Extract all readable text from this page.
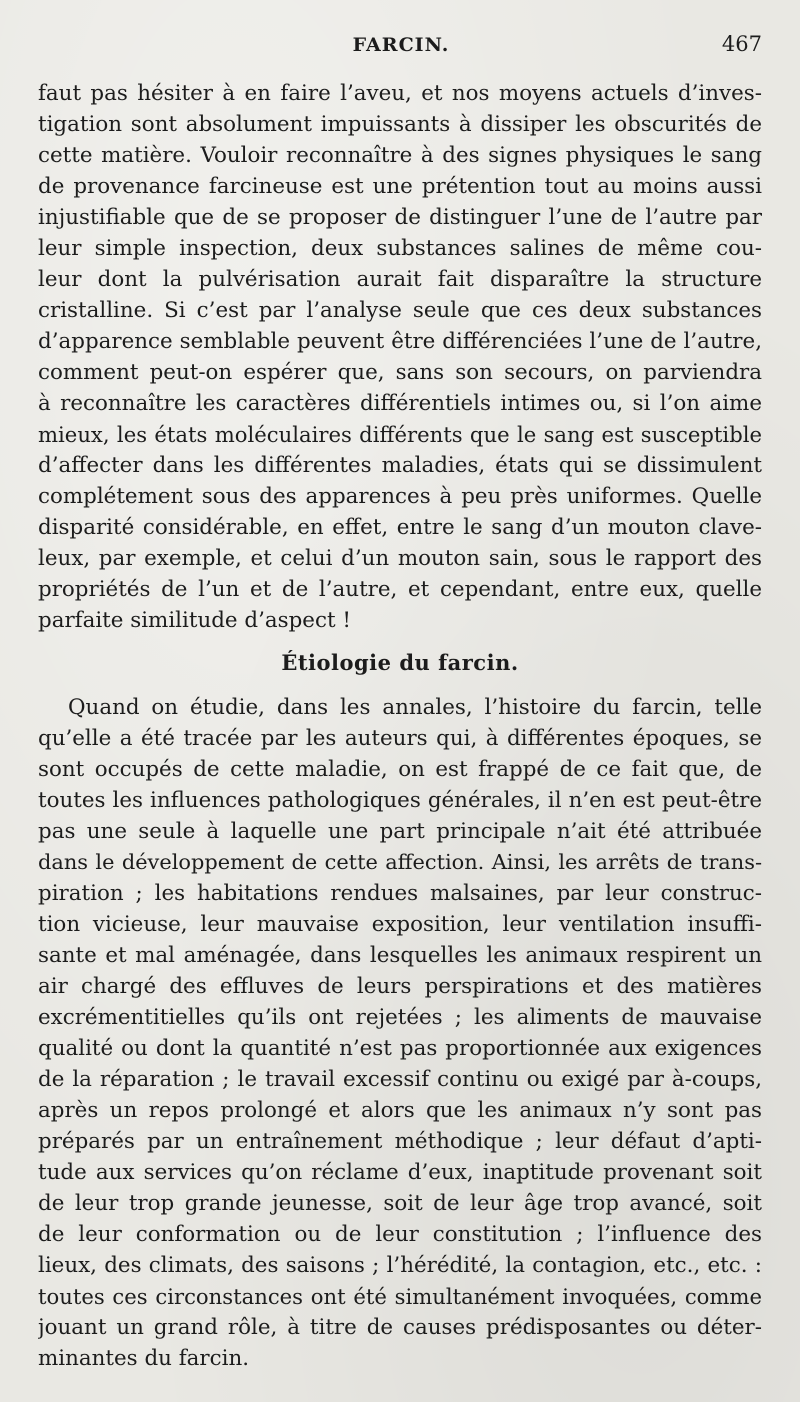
FARCIN.	467
faut pas hésiter à en faire l’aveu, et nos moyens actuels d’inves-
tigation sont absolument impuissants à dissiper les obscurités de
cette matière. Vouloir reconnaître à des signes physiques le sang
de provenance farcineuse est une prétention tout au moins aussi
injustifiable que de se proposer de distinguer l’une de l’autre par
leur simple inspection, deux substances salines de même cou-
leur dont la pulvérisation aurait fait disparaître la structure
cristalline. Si c’est par l’analyse seule que ces deux substances
d’apparence semblable peuvent être différenciées l’une de l’autre,
comment peut-on espérer que, sans son secours, on parviendra
à reconnaître les caractères différentiels intimes ou, si l’on aime
mieux, les états moléculaires différents que le sang est susceptible
d’affecter dans les différentes maladies, états qui se dissimulent
complétement sous des apparences à peu près uniformes. Quelle
disparité considérable, en effet, entre le sang d’un mouton clave-
leux, par exemple, et celui d’un mouton sain, sous le rapport des
propriétés de l’un et de l’autre, et cependant, entre eux, quelle
parfaite similitude d’aspect !
Étiologie du farcin.
Quand on étudie, dans les annales, l’histoire du farcin, telle
qu’elle a été tracée par les auteurs qui, à différentes époques, se
sont occupés de cette maladie, on est frappé de ce fait que, de
toutes les influences pathologiques générales, il n’en est peut-être
pas une seule à laquelle une part principale n’ait été attribuée
dans le développement de cette affection. Ainsi, les arrêts de trans-
piration ; les habitations rendues malsaines, par leur construc-
tion vicieuse, leur mauvaise exposition, leur ventilation insuffi-
sante et mal aménagée, dans lesquelles les animaux respirent un
air chargé des effluves de leurs perspirations et des matières
excrémentitielles qu’ils ont rejetées ; les aliments de mauvaise
qualité ou dont la quantité n’est pas proportionnée aux exigences
de la réparation ; le travail excessif continu ou exigé par à-coups,
après un repos prolongé et alors que les animaux n’y sont pas
préparés par un entraînement méthodique ; leur défaut d’apti-
tude aux services qu’on réclame d’eux, inaptitude provenant soit
de leur trop grande jeunesse, soit de leur âge trop avancé, soit
de leur conformation ou de leur constitution ; l’influence des
lieux, des climats, des saisons ; l’hérédité, la contagion, etc., etc. :
toutes ces circonstances ont été simultanément invoquées, comme
jouant un grand rôle, à titre de causes prédisposantes ou déter-
minantes du farcin.
